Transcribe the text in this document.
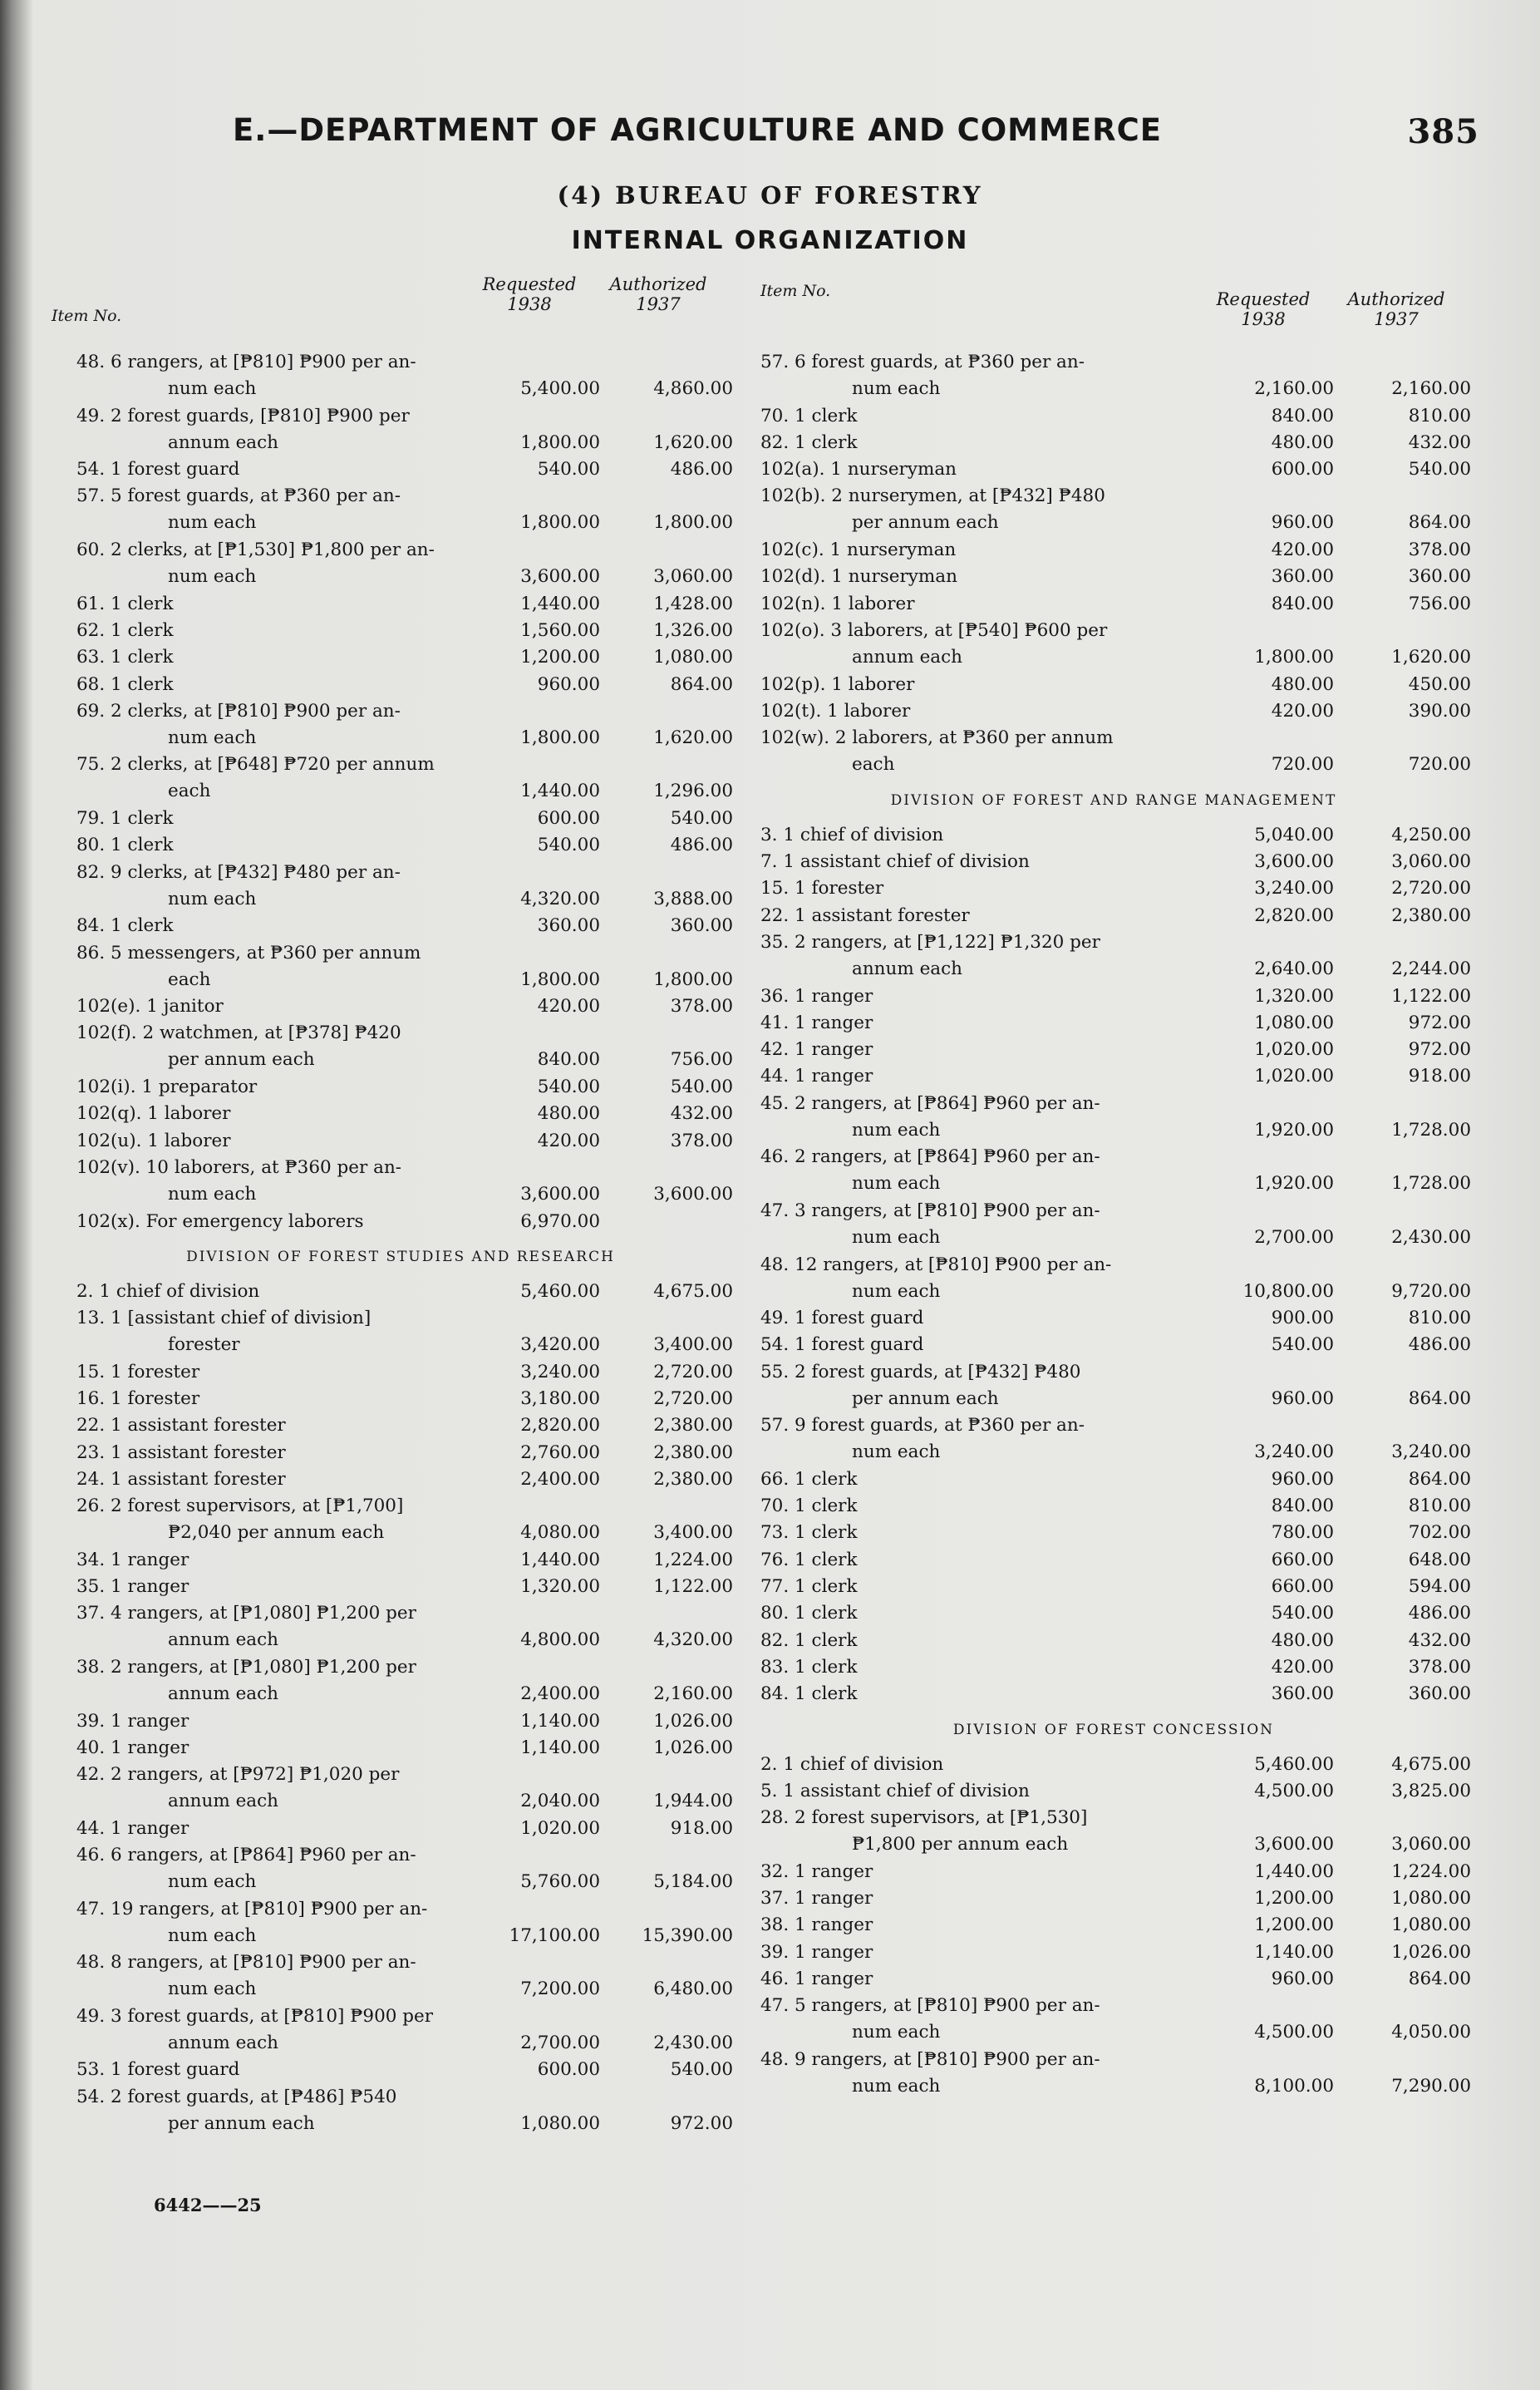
E.—DEPARTMENT OF AGRICULTURE AND COMMERCE	385
(4) BUREAU OF FORESTRY
INTERNAL ORGANIZATION
Item No.
Requested 1938
Authorized 1937
48. 6 rangers, at [₱810] ₱900 per an-
num each	5,400.00	4,860.00
49. 2 forest guards, [₱810] ₱900 per
annum each	1,800.00	1,620.00
54. 1 forest guard	540.00	486.00
57. 5 forest guards, at ₱360 per an-
num each	1,800.00	1,800.00
60. 2 clerks, at [₱1,530] ₱1,800 per an-
num each	3,600.00	3,060.00
61. 1 clerk	1,440.00	1,428.00
62. 1 clerk	1,560.00	1,326.00
63. 1 clerk	1,200.00	1,080.00
68. 1 clerk	960.00	864.00
69. 2 clerks, at [₱810] ₱900 per an-
num each	1,800.00	1,620.00
75. 2 clerks, at [₱648] ₱720 per annum
each	1,440.00	1,296.00
79. 1 clerk	600.00	540.00
80. 1 clerk	540.00	486.00
82. 9 clerks, at [₱432] ₱480 per an-
num each	4,320.00	3,888.00
84. 1 clerk	360.00	360.00
86. 5 messengers, at ₱360 per annum
each	1,800.00	1,800.00
102(e). 1 janitor	420.00	378.00
102(f). 2 watchmen, at [₱378] ₱420
per annum each	840.00	756.00
102(i). 1 preparator	540.00	540.00
102(q). 1 laborer	480.00	432.00
102(u). 1 laborer	420.00	378.00
102(v). 10 laborers, at ₱360 per an-
num each	3,600.00	3,600.00
102(x). For emergency laborers	6,970.00
DIVISION OF FOREST STUDIES AND RESEARCH
2. 1 chief of division	5,460.00	4,675.00
13. 1 [assistant chief of division]
forester	3,420.00	3,400.00
15. 1 forester	3,240.00	2,720.00
16. 1 forester	3,180.00	2,720.00
22. 1 assistant forester	2,820.00	2,380.00
23. 1 assistant forester	2,760.00	2,380.00
24. 1 assistant forester	2,400.00	2,380.00
26. 2 forest supervisors, at [₱1,700]
₱2,040 per annum each	4,080.00	3,400.00
34. 1 ranger	1,440.00	1,224.00
35. 1 ranger	1,320.00	1,122.00
37. 4 rangers, at [₱1,080] ₱1,200 per
annum each	4,800.00	4,320.00
38. 2 rangers, at [₱1,080] ₱1,200 per
annum each	2,400.00	2,160.00
39. 1 ranger	1,140.00	1,026.00
40. 1 ranger	1,140.00	1,026.00
42. 2 rangers, at [₱972] ₱1,020 per
annum each	2,040.00	1,944.00
44. 1 ranger	1,020.00	918.00
46. 6 rangers, at [₱864] ₱960 per an-
num each	5,760.00	5,184.00
47. 19 rangers, at [₱810] ₱900 per an-
num each	17,100.00	15,390.00
48. 8 rangers, at [₱810] ₱900 per an-
num each	7,200.00	6,480.00
49. 3 forest guards, at [₱810] ₱900 per
annum each	2,700.00	2,430.00
53. 1 forest guard	600.00	540.00
54. 2 forest guards, at [₱486] ₱540
per annum each	1,080.00	972.00
Item No.	Requested 1938
Authorized 1937
57. 6 forest guards, at ₱360 per an-
num each	2,160.00	2,160.00
70. 1 clerk	840.00	810.00
82. 1 clerk	480.00	432.00
102(a). 1 nurseryman	600.00	540.00
102(b). 2 nurserymen, at [₱432] ₱480
per annum each	960.00	864.00
102(c). 1 nurseryman	420.00	378.00
102(d). 1 nurseryman	360.00	360.00
102(n). 1 laborer	840.00	756.00
102(o). 3 laborers, at [₱540] ₱600 per
annum each	1,800.00	1,620.00
102(p). 1 laborer	480.00	450.00
102(t). 1 laborer	420.00	390.00
102(w). 2 laborers, at ₱360 per annum
each	720.00	720.00
DIVISION OF FOREST AND RANGE MANAGEMENT
3. 1 chief of division	5,040.00	4,250.00
7. 1 assistant chief of division	3,600.00	3,060.00
15. 1 forester	3,240.00	2,720.00
22. 1 assistant forester	2,820.00	2,380.00
35. 2 rangers, at [₱1,122] ₱1,320 per
annum each	2,640.00	2,244.00
36. 1 ranger	1,320.00	1,122.00
41. 1 ranger	1,080.00	972.00
42. 1 ranger	1,020.00	972.00
44. 1 ranger	1,020.00	918.00
45. 2 rangers, at [₱864] ₱960 per an-
num each	1,920.00	1,728.00
46. 2 rangers, at [₱864] ₱960 per an-
num each	1,920.00	1,728.00
47. 3 rangers, at [₱810] ₱900 per an-
num each	2,700.00	2,430.00
48. 12 rangers, at [₱810] ₱900 per an-
num each	10,800.00	9,720.00
49. 1 forest guard	900.00	810.00
54. 1 forest guard	540.00	486.00
55. 2 forest guards, at [₱432] ₱480
per annum each	960.00	864.00
57. 9 forest guards, at ₱360 per an-
num each	3,240.00	3,240.00
66. 1 clerk	960.00	864.00
70. 1 clerk	840.00	810.00
73. 1 clerk	780.00	702.00
76. 1 clerk	660.00	648.00
77. 1 clerk	660.00	594.00
80. 1 clerk	540.00	486.00
82. 1 clerk	480.00	432.00
83. 1 clerk	420.00	378.00
84. 1 clerk	360.00	360.00
DIVISION OF FOREST CONCESSION
2. 1 chief of division	5,460.00	4,675.00
5. 1 assistant chief of division	4,500.00	3,825.00
28. 2 forest supervisors, at [₱1,530]
₱1,800 per annum each	3,600.00	3,060.00
32. 1 ranger	1,440.00	1,224.00
37. 1 ranger	1,200.00	1,080.00
38. 1 ranger	1,200.00	1,080.00
39. 1 ranger	1,140.00	1,026.00
46. 1 ranger	960.00	864.00
47. 5 rangers, at [₱810] ₱900 per an-
num each	4,500.00	4,050.00
48. 9 rangers, at [₱810] ₱900 per an-
num each	8,100.00	7,290.00
6442——25
